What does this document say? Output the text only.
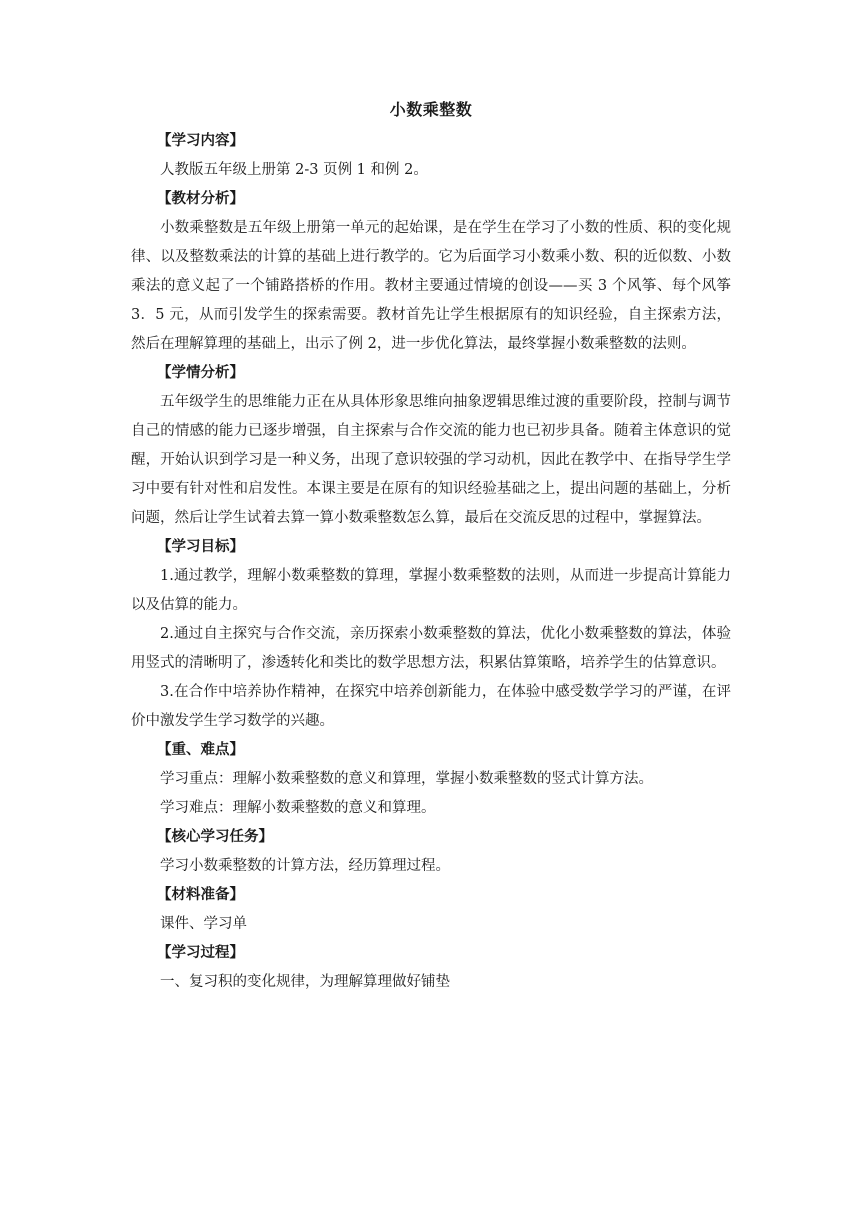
小数乘整数
【学习内容】
人教版五年级上册第 2-3 页例 1 和例 2。
【教材分析】
小数乘整数是五年级上册第一单元的起始课，是在学生在学习了小数的性质、积的变化规律、以及整数乘法的计算的基础上进行教学的。它为后面学习小数乘小数、积的近似数、小数乘法的意义起了一个铺路搭桥的作用。教材主要通过情境的创设——买 3 个风筝、每个风筝 3．5 元，从而引发学生的探索需要。教材首先让学生根据原有的知识经验，自主探索方法，然后在理解算理的基础上，出示了例 2，进一步优化算法，最终掌握小数乘整数的法则。
【学情分析】
五年级学生的思维能力正在从具体形象思维向抽象逻辑思维过渡的重要阶段，控制与调节自己的情感的能力已逐步增强，自主探索与合作交流的能力也已初步具备。随着主体意识的觉醒，开始认识到学习是一种义务，出现了意识较强的学习动机，因此在教学中、在指导学生学习中要有针对性和启发性。本课主要是在原有的知识经验基础之上，提出问题的基础上，分析问题，然后让学生试着去算一算小数乘整数怎么算，最后在交流反思的过程中，掌握算法。
【学习目标】
1.通过教学，理解小数乘整数的算理，掌握小数乘整数的法则，从而进一步提高计算能力以及估算的能力。
2.通过自主探究与合作交流，亲历探索小数乘整数的算法，优化小数乘整数的算法，体验用竖式的清晰明了，渗透转化和类比的数学思想方法，积累估算策略，培养学生的估算意识。
3.在合作中培养协作精神，在探究中培养创新能力，在体验中感受数学学习的严谨，在评价中激发学生学习数学的兴趣。
【重、难点】
学习重点：理解小数乘整数的意义和算理，掌握小数乘整数的竖式计算方法。
学习难点：理解小数乘整数的意义和算理。
【核心学习任务】
学习小数乘整数的计算方法，经历算理过程。
【材料准备】
课件、学习单
【学习过程】
一、复习积的变化规律，为理解算理做好铺垫
